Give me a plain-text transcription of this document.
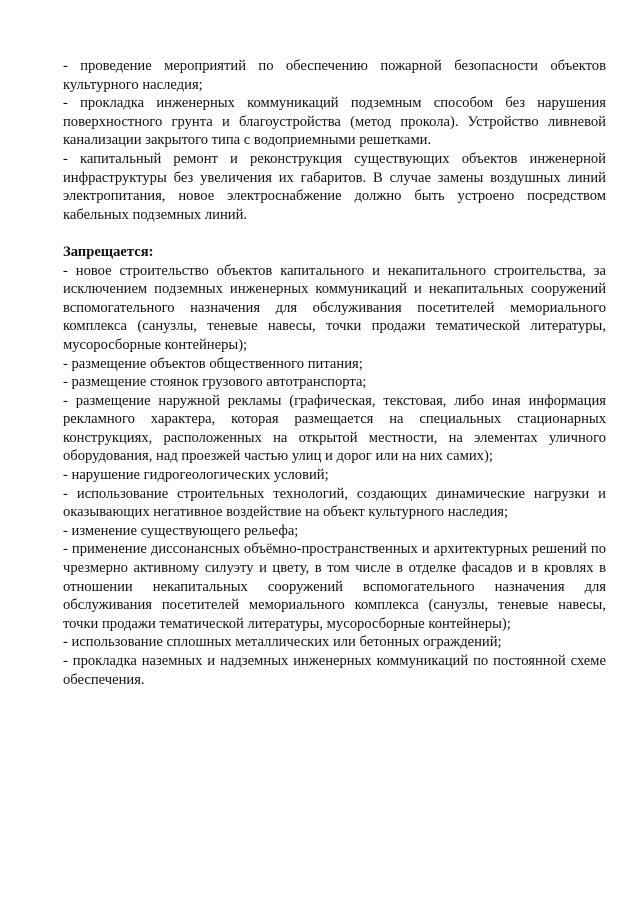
- проведение мероприятий по обеспечению пожарной безопасности объектов культурного наследия;

- прокладка инженерных коммуникаций подземным способом без нарушения поверхностного грунта и благоустройства (метод прокола). Устройство ливневой канализации закрытого типа с водоприемными решетками.

- капитальный ремонт и реконструкция существующих объектов инженерной инфраструктуры без увеличения их габаритов. В случае замены воздушных линий электропитания, новое электроснабжение должно быть устроено посредством кабельных подземных линий.

Запрещается:

- новое строительство объектов капитального и некапитального строительства, за исключением подземных инженерных коммуникаций и некапитальных сооружений вспомогательного назначения для обслуживания посетителей мемориального комплекса (санузлы, теневые навесы, точки продажи тематической литературы, мусоросборные контейнеры);

- размещение объектов общественного питания;

- размещение стоянок грузового автотранспорта;

- размещение наружной рекламы (графическая, текстовая, либо иная информация рекламного характера, которая размещается на специальных стационарных конструкциях, расположенных на открытой местности, на элементах уличного оборудования, над проезжей частью улиц и дорог или на них самих);

- нарушение гидрогеологических условий;

- использование строительных технологий, создающих динамические нагрузки и оказывающих негативное воздействие на объект культурного наследия;

- изменение существующего рельефа;

- применение диссонансных объёмно-пространственных и архитектурных решений по чрезмерно активному силуэту и цвету, в том числе в отделке фасадов и в кровлях в отношении некапитальных сооружений вспомогательного назначения для обслуживания посетителей мемориального комплекса (санузлы, теневые навесы, точки продажи тематической литературы, мусоросборные контейнеры);

- использование сплошных металлических или бетонных ограждений;

- прокладка наземных и надземных инженерных коммуникаций по постоянной схеме обеспечения.
